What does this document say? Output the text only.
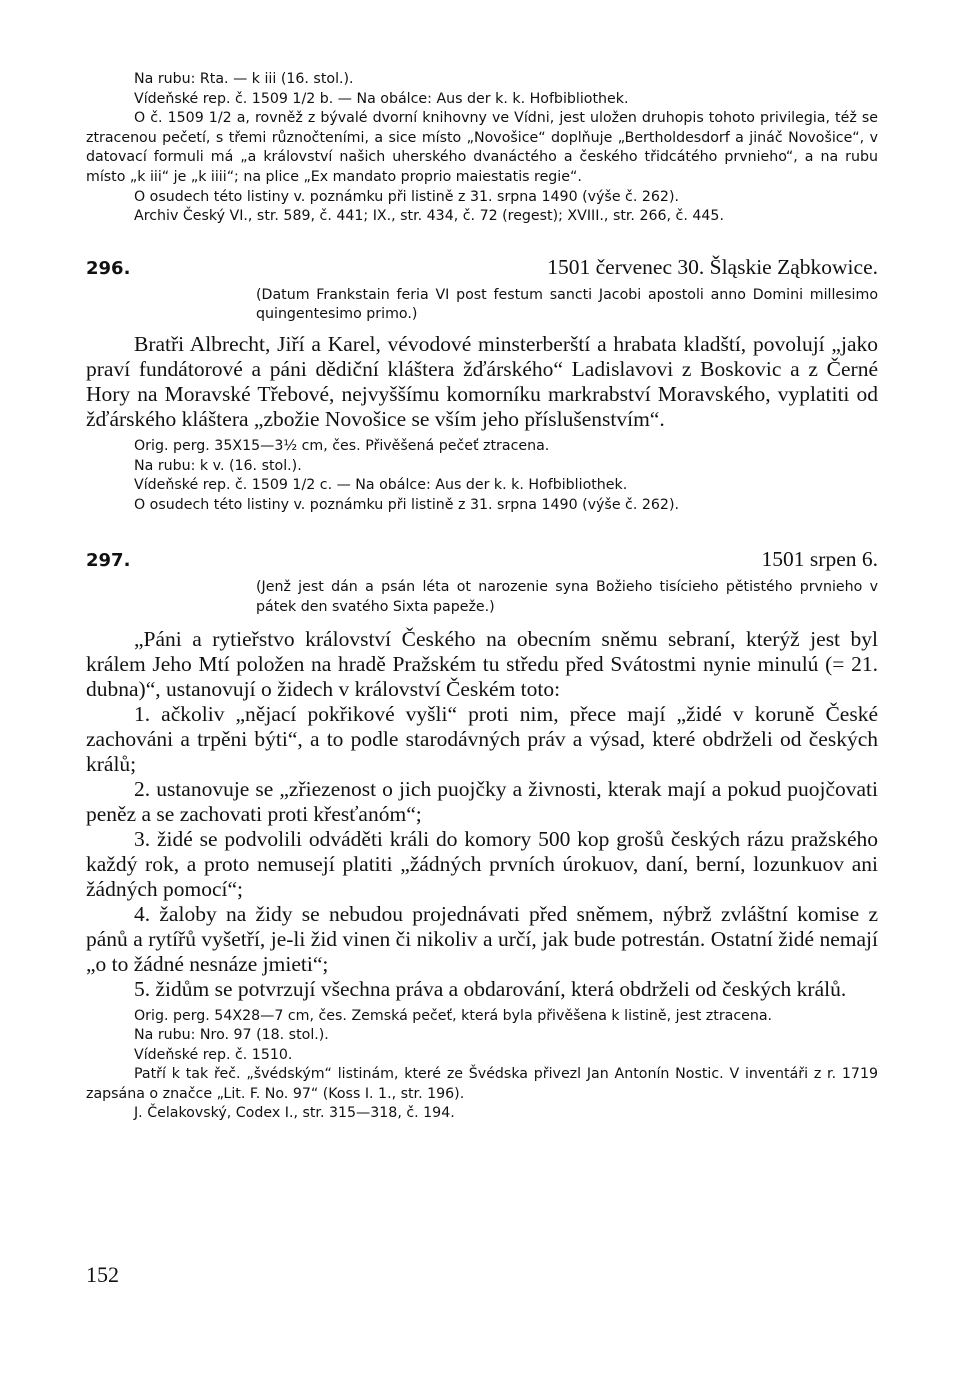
Na rubu: Rta. — k iii (16. stol.).

Vídeňské rep. č. 1509 1/2 b. — Na obálce: Aus der k. k. Hofbibliothek.

O č. 1509 1/2 a, rovněž z bývalé dvorní knihovny ve Vídni, jest uložen druhopis tohoto privilegia, též se ztracenou pečetí, s třemi různočteními, a sice místo „Novošice“ doplňuje „Bertholdesdorf a jináč Novošice“, v datovací formuli má „a království našich uherského dvanáctého a českého třidcátého prvnieho“, a na rubu místo „k iii“ je „k iiii“; na plice „Ex mandato proprio maiestatis regie“.

O osudech této listiny v. poznámku při listině z 31. srpna 1490 (výše č. 262).

Archiv Český VI., str. 589, č. 441; IX., str. 434, č. 72 (regest); XVIII., str. 266, č. 445.

296.	1501 červenec 30. Šląskie Ząbkowice.
(Datum Frankstain feria VI post festum sancti Jacobi apostoli anno Domini millesimo quingentesimo primo.)

Bratři Albrecht, Jiří a Karel, vévodové minsterberští a hrabata kladští, povolují „jako praví fundátorové a páni dědiční kláštera žďárského“ Ladislavovi z Boskovic a z Černé Hory na Moravské Třebové, nejvyššímu komorníku markrabství Moravského, vyplatiti od žďárského kláštera „zbožie Novošice se vším jeho příslušenstvím“.

Orig. perg. 35X15—3½ cm, čes. Přivěšená pečeť ztracena.

Na rubu: k v. (16. stol.).

Vídeňské rep. č. 1509 1/2 c. — Na obálce: Aus der k. k. Hofbibliothek.

O osudech této listiny v. poznámku při listině z 31. srpna 1490 (výše č. 262).

297.	1501 srpen 6.
(Jenž jest dán a psán léta ot narozenie syna Božieho tisícieho pětistého prvnieho v pátek den svatého Sixta papeže.)

„Páni a rytieřstvo království Českého na obecním sněmu sebraní, kterýž jest byl králem Jeho Mtí položen na hradě Pražském tu středu před Svátostmi nynie minulú (= 21. dubna)“, ustanovují o židech v království Českém toto:

1. ačkoliv „nějací pokřikové vyšli“ proti nim, přece mají „židé v koruně České zachováni a trpěni býti“, a to podle starodávných práv a výsad, které obdrželi od českých králů;

2. ustanovuje se „zřiezenost o jich puojčky a živnosti, kterak mají a pokud puojčovati peněz a se zachovati proti křesťanóm“;

3. židé se podvolili odváděti králi do komory 500 kop grošů českých rázu pražského každý rok, a proto nemusejí platiti „žádných prvních úrokuov, daní, berní, lozunkuov ani žádných pomocí“;

4. žaloby na židy se nebudou projednávati před sněmem, nýbrž zvláštní komise z pánů a rytířů vyšetří, je-li žid vinen či nikoliv a určí, jak bude potrestán. Ostatní židé nemají „o to žádné nesnáze jmieti“;

5. židům se potvrzují všechna práva a obdarování, která obdrželi od českých králů.

Orig. perg. 54X28—7 cm, čes. Zemská pečeť, která byla přivěšena k listině, jest ztracena.

Na rubu: Nro. 97 (18. stol.).

Vídeňské rep. č. 1510.

Patří k tak řeč. „švédským“ listinám, které ze Švédska přivezl Jan Antonín Nostic. V inventáři z r. 1719 zapsána o značce „Lit. F. No. 97“ (Koss I. 1., str. 196).

J. Čelakovský, Codex I., str. 315—318, č. 194.

152
